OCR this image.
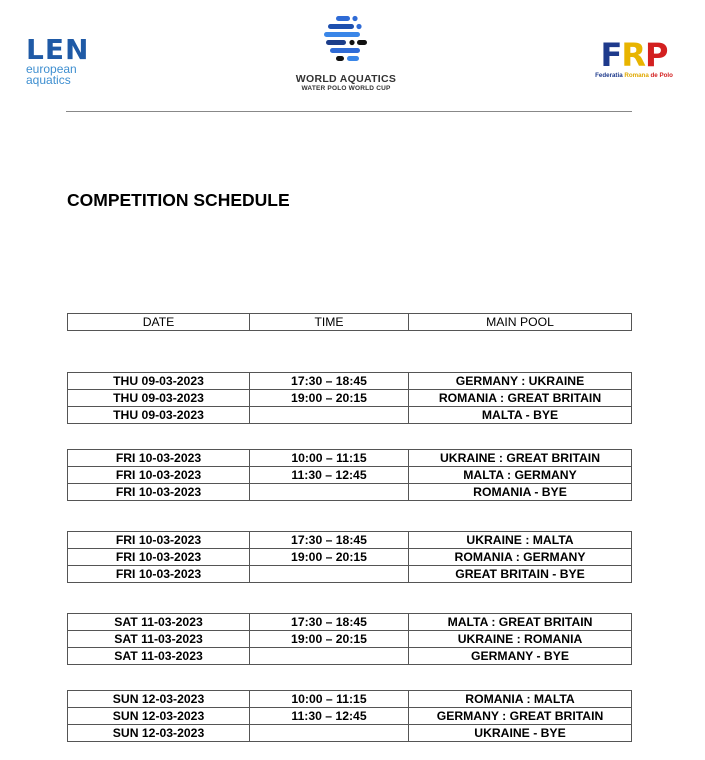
LEN
european
aquatics	WORLD AQUATICS
WATER POLO WORLD CUP
FRP
Federatia Romana de Polo
COMPETITION SCHEDULE
DATE	TIME	MAIN POOL
THU 09-03-2023	17:30 – 18:45	GERMANY : UKRAINE
THU 09-03-2023	19:00 – 20:15	ROMANIA : GREAT BRITAIN
THU 09-03-2023		MALTA - BYE
FRI 10-03-2023	10:00 – 11:15	UKRAINE : GREAT BRITAIN
FRI 10-03-2023	11:30 – 12:45	MALTA : GERMANY
FRI 10-03-2023		ROMANIA - BYE
FRI 10-03-2023	17:30 – 18:45	UKRAINE : MALTA
FRI 10-03-2023	19:00 – 20:15	ROMANIA : GERMANY
FRI 10-03-2023		GREAT BRITAIN - BYE
SAT 11-03-2023	17:30 – 18:45	MALTA : GREAT BRITAIN
SAT 11-03-2023	19:00 – 20:15	UKRAINE : ROMANIA
SAT 11-03-2023		GERMANY - BYE
SUN 12-03-2023	10:00 – 11:15	ROMANIA : MALTA
SUN 12-03-2023	11:30 – 12:45	GERMANY : GREAT BRITAIN
SUN 12-03-2023		UKRAINE - BYE
